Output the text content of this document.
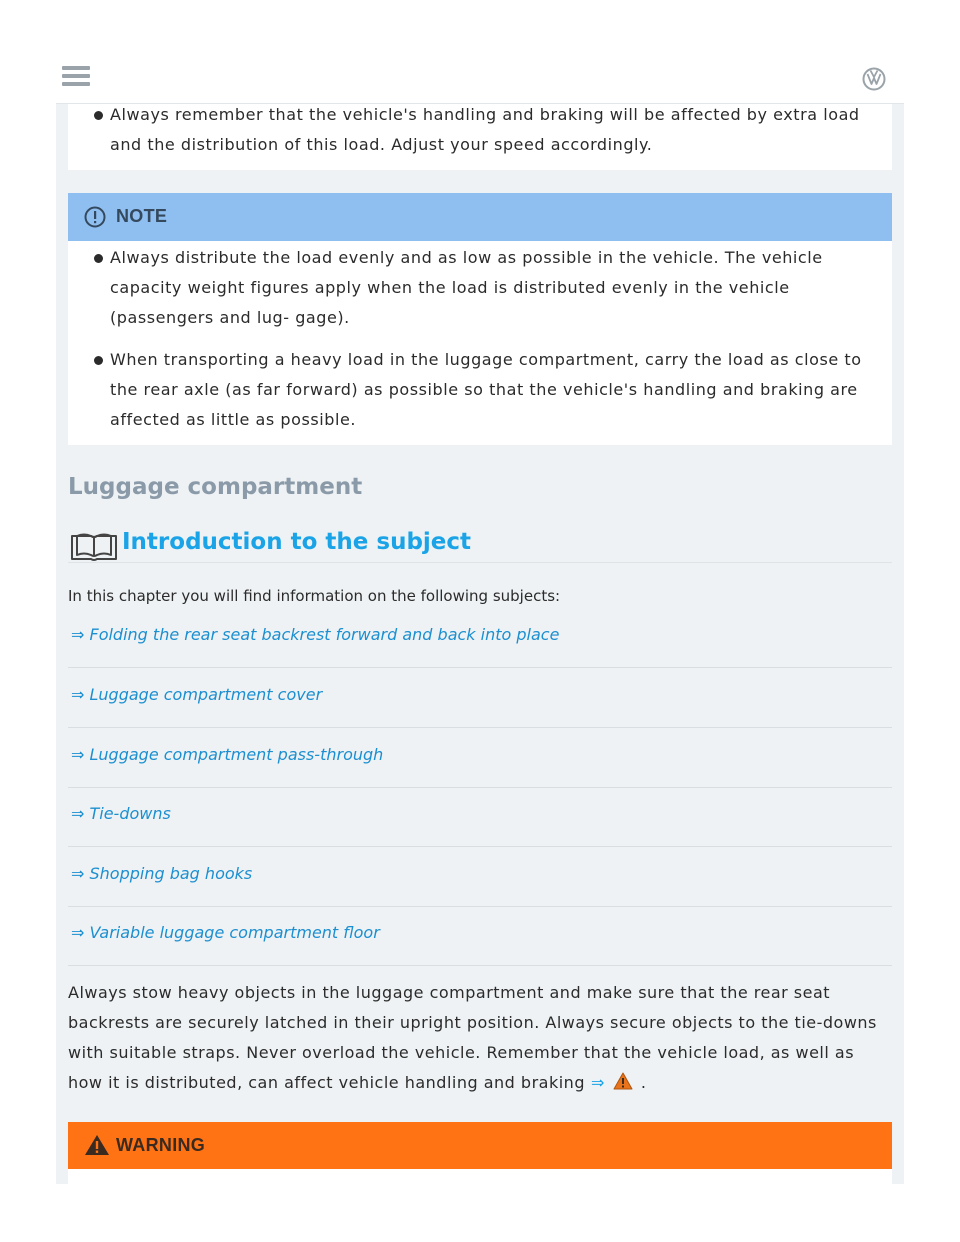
Always remember that the vehicle's handling and braking will be affected by extra load and the distribution of this load. Adjust your speed accordingly.
NOTE
Always distribute the load evenly and as low as possible in the vehicle. The vehicle capacity weight figures apply when the load is distributed evenly in the vehicle (passengers and lug- gage).
When transporting a heavy load in the luggage compartment, carry the load as close to the rear axle (as far forward) as possible so that the vehicle's handling and braking are affected as little as possible.
Luggage compartment
Introduction to the subject
In this chapter you will find information on the following subjects:
⇒ Folding the rear seat backrest forward and back into place
⇒ Luggage compartment cover
⇒ Luggage compartment pass-through
⇒ Tie-downs
⇒ Shopping bag hooks
⇒ Variable luggage compartment floor
Always stow heavy objects in the luggage compartment and make sure that the rear seat backrests are securely latched in their upright position. Always secure objects to the tie-downs with suitable straps. Never overload the vehicle. Remember that the vehicle load, as well as how it is distributed, can affect vehicle handling and braking ⇒ .
WARNING
